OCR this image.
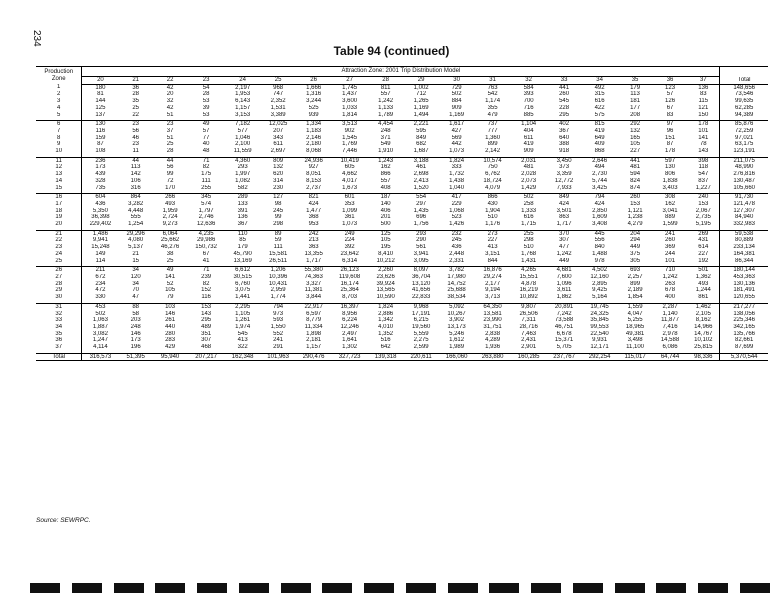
234
Table 94 (continued)
Production
Zone	Attraction Zone: 2001 Trip Distribution Model																		
	20	21	22	23	24	25	26	27	28	29	30	31	32	33	34	35	36	37	Total
1	180	36	42	54	2,197	968	1,666	1,745	811	1,002	729	763	584	441	492	179	123	136	148,656
2	81	28	20	28	1,953	747	1,316	1,437	557	712	502	542	393	260	315	113	57	83	73,546
3	144	35	32	53	6,143	2,352	3,244	3,600	1,242	1,265	884	1,174	700	545	616	181	126	115	99,635
4	125	25	42	39	1,157	1,531	525	1,033	1,133	1,169	909	355	716	228	422	177	67	121	62,285
5	137	22	51	53	3,153	3,389	939	1,814	1,789	1,494	1,169	479	885	295	575	208	83	150	94,389

6	130	23	23	49	7,182	12,025	1,334	3,513	4,454	2,221	1,617	737	1,104	402	815	292	97	178	85,876
7	116	56	37	57	577	207	1,183	902	248	595	427	777	404	367	419	132	96	101	72,259
8	159	46	51	77	1,046	343	2,146	1,545	371	849	569	1,360	611	640	649	165	151	141	97,021
9	87	23	25	40	2,100	611	2,180	1,769	549	682	442	899	419	388	409	105	87	78	63,175
10	108	11	28	48	11,559	2,697	8,068	7,446	1,910	1,687	1,073	2,142	909	918	868	227	178	143	123,191

11	236	44	44	71	4,360	809	24,936	10,419	1,243	3,188	1,824	10,574	2,031	3,450	2,646	441	597	398	211,075
12	173	113	56	82	293	132	927	605	162	461	333	750	481	373	494	481	130	118	48,990
13	439	142	99	175	1,997	620	8,051	4,662	866	2,698	1,732	6,762	2,028	3,359	2,730	594	806	547	276,816
14	328	106	72	111	1,082	314	8,153	4,017	557	2,413	1,438	18,724	2,073	12,772	5,744	824	1,838	837	130,487
15	735	316	170	255	582	230	2,737	1,673	408	1,520	1,040	4,079	1,429	7,933	3,425	874	3,403	1,227	105,660

16	604	864	266	345	289	127	821	601	187	554	417	866	502	849	794	260	308	240	91,730
17	436	3,282	493	574	133	98	424	353	140	297	229	430	258	424	424	153	162	153	121,478
18	5,350	4,448	1,959	1,797	391	245	1,477	1,099	406	1,435	1,068	1,904	1,333	3,501	2,850	1,121	3,041	2,067	127,307
19	36,398	555	2,724	2,746	136	99	368	361	201	696	523	510	616	863	1,609	1,238	889	2,735	84,940
20	229,402	1,254	9,273	12,636	367	298	953	1,073	500	1,756	1,426	1,176	1,715	1,717	3,408	4,279	1,599	5,195	332,983

21	1,486	29,296	6,064	4,235	110	89	242	249	125	293	232	273	255	370	445	204	241	269	59,538
22	9,941	4,080	25,662	29,986	85	59	213	224	105	290	245	227	298	307	556	294	260	431	80,889
23	15,248	5,137	46,276	150,732	179	111	363	392	195	561	436	413	510	477	840	449	369	614	233,134
24	149	21	38	67	45,790	15,581	13,355	23,642	8,410	3,941	2,448	3,151	1,768	1,242	1,488	375	244	227	164,381
25	114	15	25	41	13,169	26,511	1,717	6,314	10,212	3,095	2,331	844	1,431	449	978	305	101	192	86,344

26	211	34	49	71	6,612	1,206	55,380	26,123	2,260	8,097	3,782	16,876	4,265	4,681	4,502	693	710	501	180,144
27	672	120	141	239	30,515	10,396	74,363	119,608	23,626	36,704	17,980	29,274	15,551	7,600	12,160	2,257	1,242	1,362	453,363
28	234	34	52	82	6,760	10,431	3,327	16,174	39,924	13,120	14,752	2,177	4,878	1,096	2,895	899	263	493	130,136
29	472	70	105	152	3,075	2,959	11,381	25,364	13,565	41,656	25,688	9,194	16,219	3,611	9,425	2,189	678	1,244	181,491
30	330	47	79	116	1,441	1,774	3,844	8,703	10,590	22,833	38,534	3,713	10,892	1,862	5,164	1,854	400	861	120,655

31	453	88	103	153	2,295	794	22,917	16,397	1,824	9,968	5,092	64,350	9,807	20,891	19,745	1,559	2,287	1,462	217,277
32	502	58	146	143	1,105	973	6,597	8,956	2,886	17,191	10,267	13,581	26,506	7,242	24,325	4,047	1,140	2,105	138,056
33	1,063	203	261	295	1,261	593	8,779	6,224	1,342	6,215	3,902	23,990	7,311	73,588	35,845	5,255	11,877	8,162	225,346
34	1,887	248	440	489	1,974	1,550	11,334	12,246	4,010	19,560	13,173	31,751	28,716	46,751	99,553	18,965	7,416	14,966	342,165
35	3,082	146	280	351	545	552	1,898	2,497	1,352	5,559	5,246	2,838	7,463	6,678	22,540	49,381	2,978	14,767	135,766
36	1,247	173	283	307	413	241	2,181	1,641	516	2,275	1,612	4,289	2,431	15,371	9,931	3,498	14,588	10,102	82,661
37	4,114	196	429	468	322	291	1,157	1,302	642	2,599	1,989	1,936	2,901	5,705	12,171	11,100	6,086	25,815	87,699

Total	316,573	51,395	95,940	207,217	162,348	101,963	290,476	327,723	139,318	220,611	166,060	263,880	160,285	237,767	292,254	115,017	64,744	98,336	5,370,544
Source: SEWRPC.
